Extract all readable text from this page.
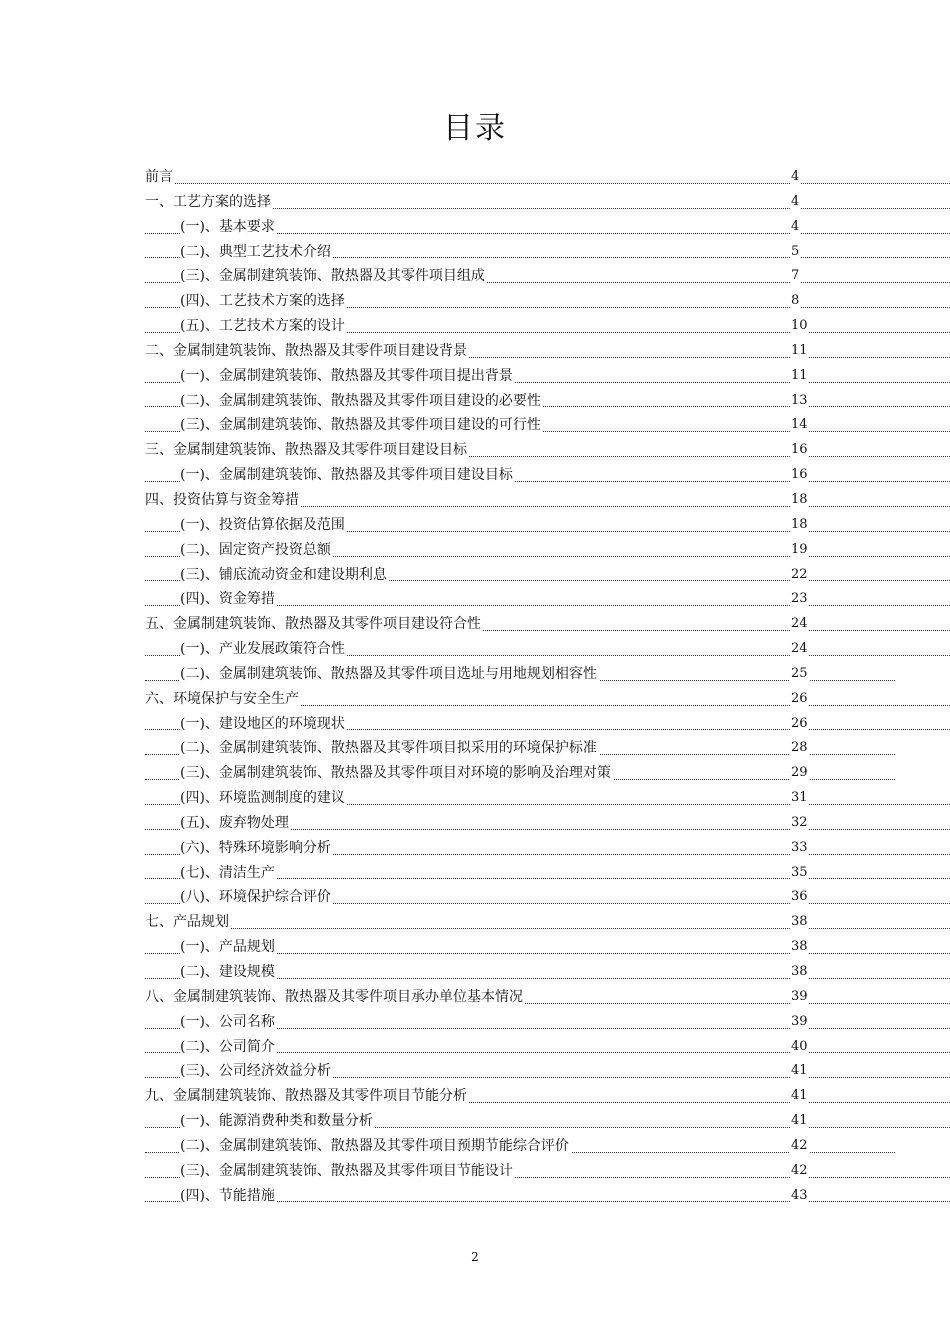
目录
前言	4
一、工艺方案的选择	4
(一)、基本要求	4
(二)、典型工艺技术介绍	5
(三)、金属制建筑装饰、散热器及其零件项目组成	7
(四)、工艺技术方案的选择	8
(五)、工艺技术方案的设计	10
二、金属制建筑装饰、散热器及其零件项目建设背景	11
(一)、金属制建筑装饰、散热器及其零件项目提出背景	11
(二)、金属制建筑装饰、散热器及其零件项目建设的必要性	13
(三)、金属制建筑装饰、散热器及其零件项目建设的可行性	14
三、金属制建筑装饰、散热器及其零件项目建设目标	16
(一)、金属制建筑装饰、散热器及其零件项目建设目标	16
四、投资估算与资金筹措	18
(一)、投资估算依据及范围	18
(二)、固定资产投资总额	19
(三)、铺底流动资金和建设期利息	22
(四)、资金筹措	23
五、金属制建筑装饰、散热器及其零件项目建设符合性	24
(一)、产业发展政策符合性	24
(二)、金属制建筑装饰、散热器及其零件项目选址与用地规划相容性	25
六、环境保护与安全生产	26
(一)、建设地区的环境现状	26
(二)、金属制建筑装饰、散热器及其零件项目拟采用的环境保护标准	28
(三)、金属制建筑装饰、散热器及其零件项目对环境的影响及治理对策	29
(四)、环境监测制度的建议	31
(五)、废弃物处理	32
(六)、特殊环境影响分析	33
(七)、清洁生产	35
(八)、环境保护综合评价	36
七、产品规划	38
(一)、产品规划	38
(二)、建设规模	38
八、金属制建筑装饰、散热器及其零件项目承办单位基本情况	39
(一)、公司名称	39
(二)、公司简介	40
(三)、公司经济效益分析	41
九、金属制建筑装饰、散热器及其零件项目节能分析	41
(一)、能源消费种类和数量分析	41
(二)、金属制建筑装饰、散热器及其零件项目预期节能综合评价	42
(三)、金属制建筑装饰、散热器及其零件项目节能设计	42
(四)、节能措施	43
2
